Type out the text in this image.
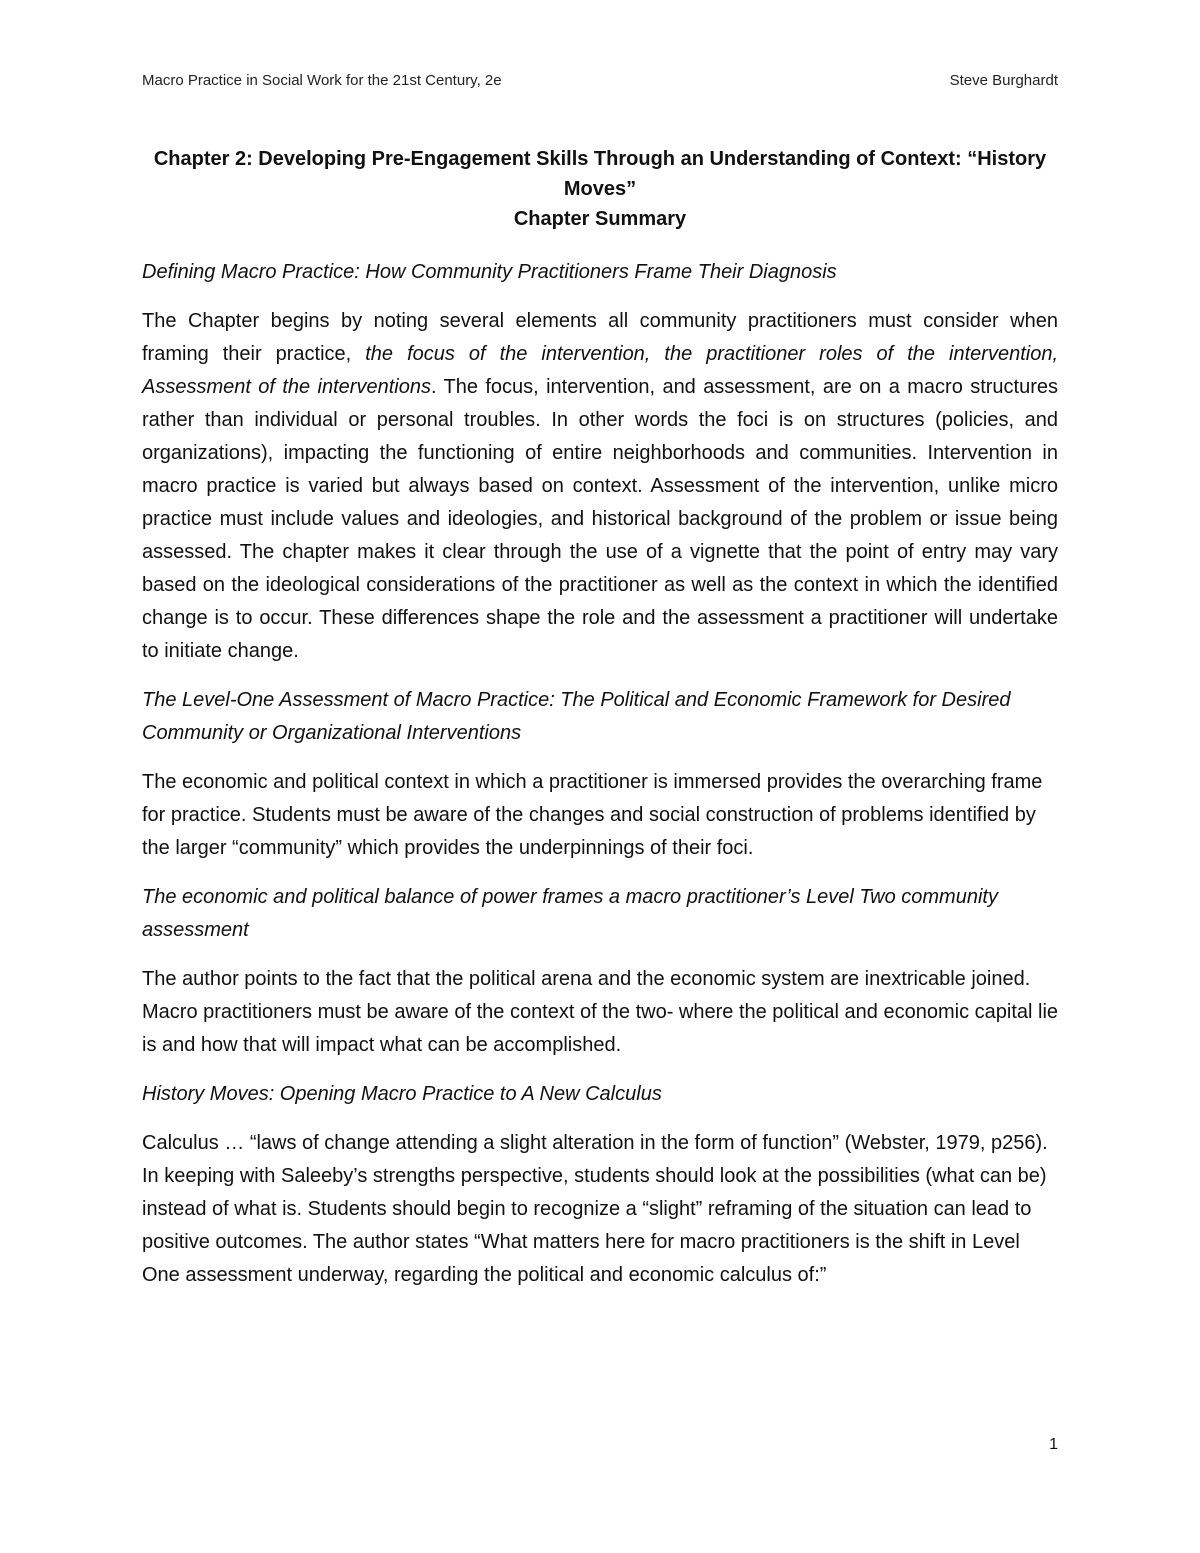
Macro Practice in Social Work for the 21st Century, 2e	Steve Burghardt
Chapter 2: Developing Pre-Engagement Skills Through an Understanding of Context: “History Moves”
Chapter Summary
Defining Macro Practice: How Community Practitioners Frame Their Diagnosis
The Chapter begins by noting several elements all community practitioners must consider when framing their practice, the focus of the intervention, the practitioner roles of the intervention, Assessment of the interventions. The focus, intervention, and assessment, are on a macro structures rather than individual or personal troubles. In other words the foci is on structures (policies, and organizations), impacting the functioning of entire neighborhoods and communities. Intervention in macro practice is varied but always based on context. Assessment of the intervention, unlike micro practice must include values and ideologies, and historical background of the problem or issue being assessed. The chapter makes it clear through the use of a vignette that the point of entry may vary based on the ideological considerations of the practitioner as well as the context in which the identified change is to occur. These differences shape the role and the assessment a practitioner will undertake to initiate change.
The Level-One Assessment of Macro Practice: The Political and Economic Framework for Desired Community or Organizational Interventions
The economic and political context in which a practitioner is immersed provides the overarching frame for practice. Students must be aware of the changes and social construction of problems identified by the larger “community” which provides the underpinnings of their foci.
The economic and political balance of power frames a macro practitioner’s Level Two community assessment
The author points to the fact that the political arena and the economic system are inextricable joined. Macro practitioners must be aware of the context of the two- where the political and economic capital lie is and how that will impact what can be accomplished.
History Moves: Opening Macro Practice to A New Calculus
Calculus … “laws of change attending a slight alteration in the form of function” (Webster, 1979, p256). In keeping with Saleeby’s strengths perspective, students should look at the possibilities (what can be) instead of what is. Students should begin to recognize a “slight” reframing of the situation can lead to positive outcomes. The author states “What matters here for macro practitioners is the shift in Level One assessment underway, regarding the political and economic calculus of:”
1
